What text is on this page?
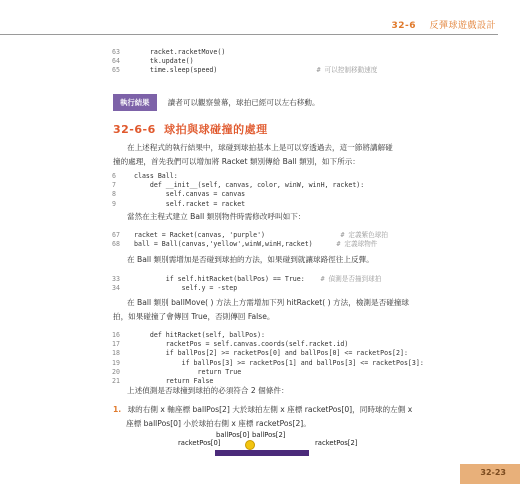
32-6 反彈球遊戲設計
63    racket.racketMove()
64    tk.update()
65    time.sleep(speed)	# 可以控制移動速度
執行結果 讀者可以觀察螢幕，球拍已經可以左右移動。
32-6-6 球拍與球碰撞的處理
在上述程式的執行結果中，球碰到球拍基本上是可以穿透過去，這一節將講解碰
撞的處理，首先我們可以增加將 Racket 類別傳給 Ball 類別，如下所示：
6	class Ball:
7	def __init__(self, canvas, color, winW, winH, racket):
8	self.canvas = canvas
9	self.racket = racket
當然在主程式建立 Ball 類別物件時需修改呼叫如下：
67 racket = Racket(canvas, 'purple')	# 定義紫色球拍
68 ball = Ball(canvas,'yellow',winW,winH,racket)	# 定義球物件
在 Ball 類別需增加是否碰到球拍的方法，如果碰到就讓球路徑往上反彈。
33        if self.hitRacket(ballPos) == True: # 偵測是否撞到球拍
34            self.y = -step
在 Ball 類別 ballMove( ) 方法上方需增加下列 hitRacket( ) 方法，檢測是否碰撞球
拍，如果碰撞了會傳回 True，否則傳回 False。
16    def hitRacket(self, ballPos):
17        racketPos = self.canvas.coords(self.racket.id)
18        if ballPos[2] >= racketPos[0] and ballPos[0] <= racketPos[2]:
19            if ballPos[3] >= racketPos[1] and ballPos[3] <= racketPos[3]:
20                return True
21        return False
上述偵測是否球撞到球拍的必須符合 2 個條件：
1. 球的右側 x 軸座標 ballPos[2] 大於球拍左側 x 座標 racketPos[0]，同時球的左側 x
座標 ballPos[0] 小於球拍右側 x 座標 racketPos[2]。
racketPos[0]
ballPos[0] ballPos[2]
racketPos[2]
32-23
